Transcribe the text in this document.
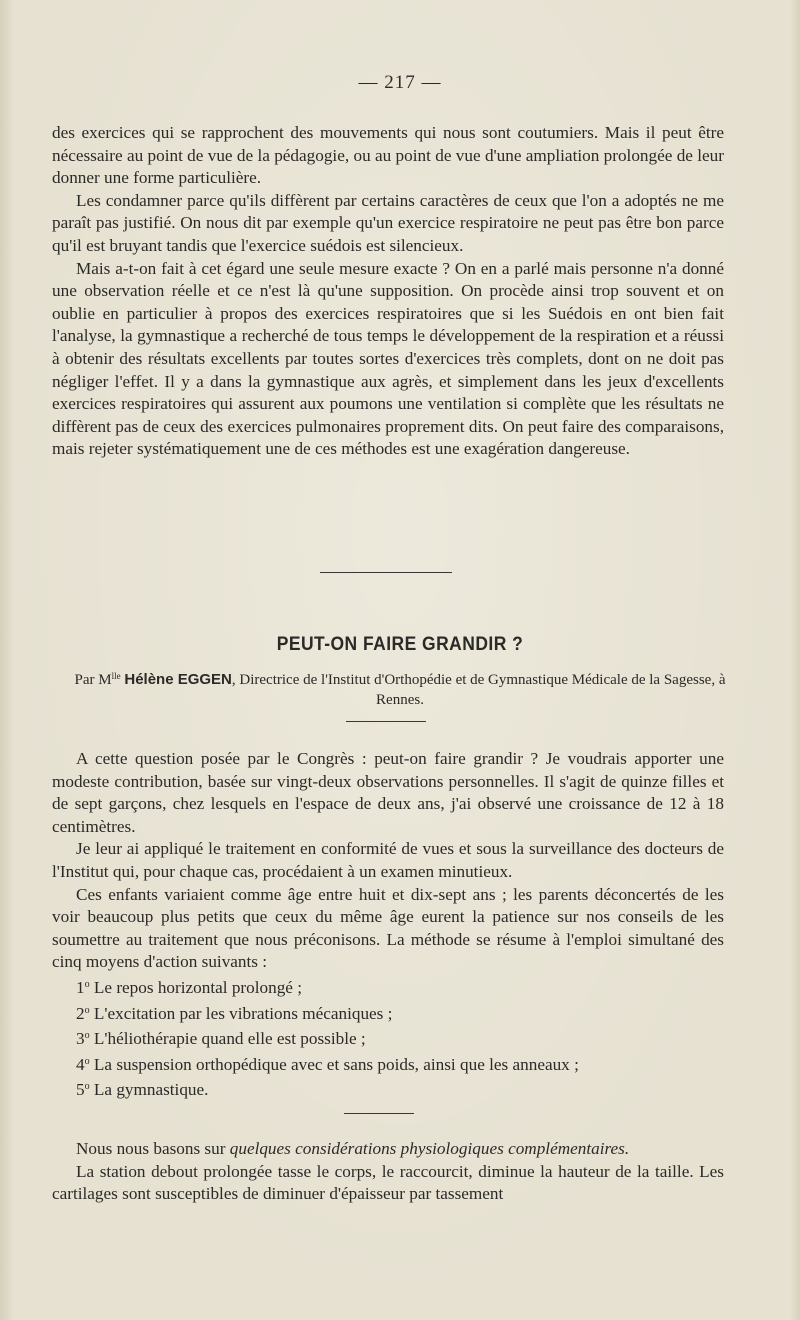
— 217 —

des exercices qui se rapprochent des mouvements qui nous sont coutumiers. Mais il peut être nécessaire au point de vue de la pédagogie, ou au point de vue d'une ampliation prolongée de leur donner une forme particulière.

Les condamner parce qu'ils diffèrent par certains caractères de ceux que l'on a adoptés ne me paraît pas justifié. On nous dit par exemple qu'un exercice respiratoire ne peut pas être bon parce qu'il est bruyant tandis que l'exercice suédois est silencieux.

Mais a-t-on fait à cet égard une seule mesure exacte ? On en a parlé mais personne n'a donné une observation réelle et ce n'est là qu'une supposition. On procède ainsi trop souvent et on oublie en particulier à propos des exercices respiratoires que si les Suédois en ont bien fait l'analyse, la gymnastique a recherché de tous temps le développement de la respiration et a réussi à obtenir des résultats excellents par toutes sortes d'exercices très complets, dont on ne doit pas négliger l'effet. Il y a dans la gymnastique aux agrès, et simplement dans les jeux d'excellents exercices respiratoires qui assurent aux poumons une ventilation si complète que les résultats ne diffèrent pas de ceux des exercices pulmonaires proprement dits. On peut faire des comparaisons, mais rejeter systématiquement une de ces méthodes est une exagération dangereuse.

PEUT-ON FAIRE GRANDIR ?
Par $M^{lle}$ Hélène EGGEN, Directrice de l'Institut d'Orthopédie et de Gymnastique Médicale de la Sagesse, à Rennes.

A cette question posée par le Congrès : peut-on faire grandir ? Je voudrais apporter une modeste contribution, basée sur vingt-deux observations personnelles. Il s'agit de quinze filles et de sept garçons, chez lesquels en l'espace de deux ans, j'ai observé une croissance de 12 à 18 centimètres.

Je leur ai appliqué le traitement en conformité de vues et sous la surveillance des docteurs de l'Institut qui, pour chaque cas, procédaient à un examen minutieux.

Ces enfants variaient comme âge entre huit et dix-sept ans ; les parents déconcertés de les voir beaucoup plus petits que ceux du même âge eurent la patience sur nos conseils de les soumettre au traitement que nous préconisons. La méthode se résume à l'emploi simultané des cinq moyens d'action suivants :

1$^o$ Le repos horizontal prolongé ;

2$^o$ L'excitation par les vibrations mécaniques ;

3$^o$ L'héliothérapie quand elle est possible ;

4$^o$ La suspension orthopédique avec et sans poids, ainsi que les anneaux ;

5$^o$ La gymnastique.

Nous nous basons sur quelques considérations physiologiques complémentaires.

La station debout prolongée tasse le corps, le raccourcit, diminue la hauteur de la taille. Les cartilages sont susceptibles de diminuer d'épaisseur par tassement
